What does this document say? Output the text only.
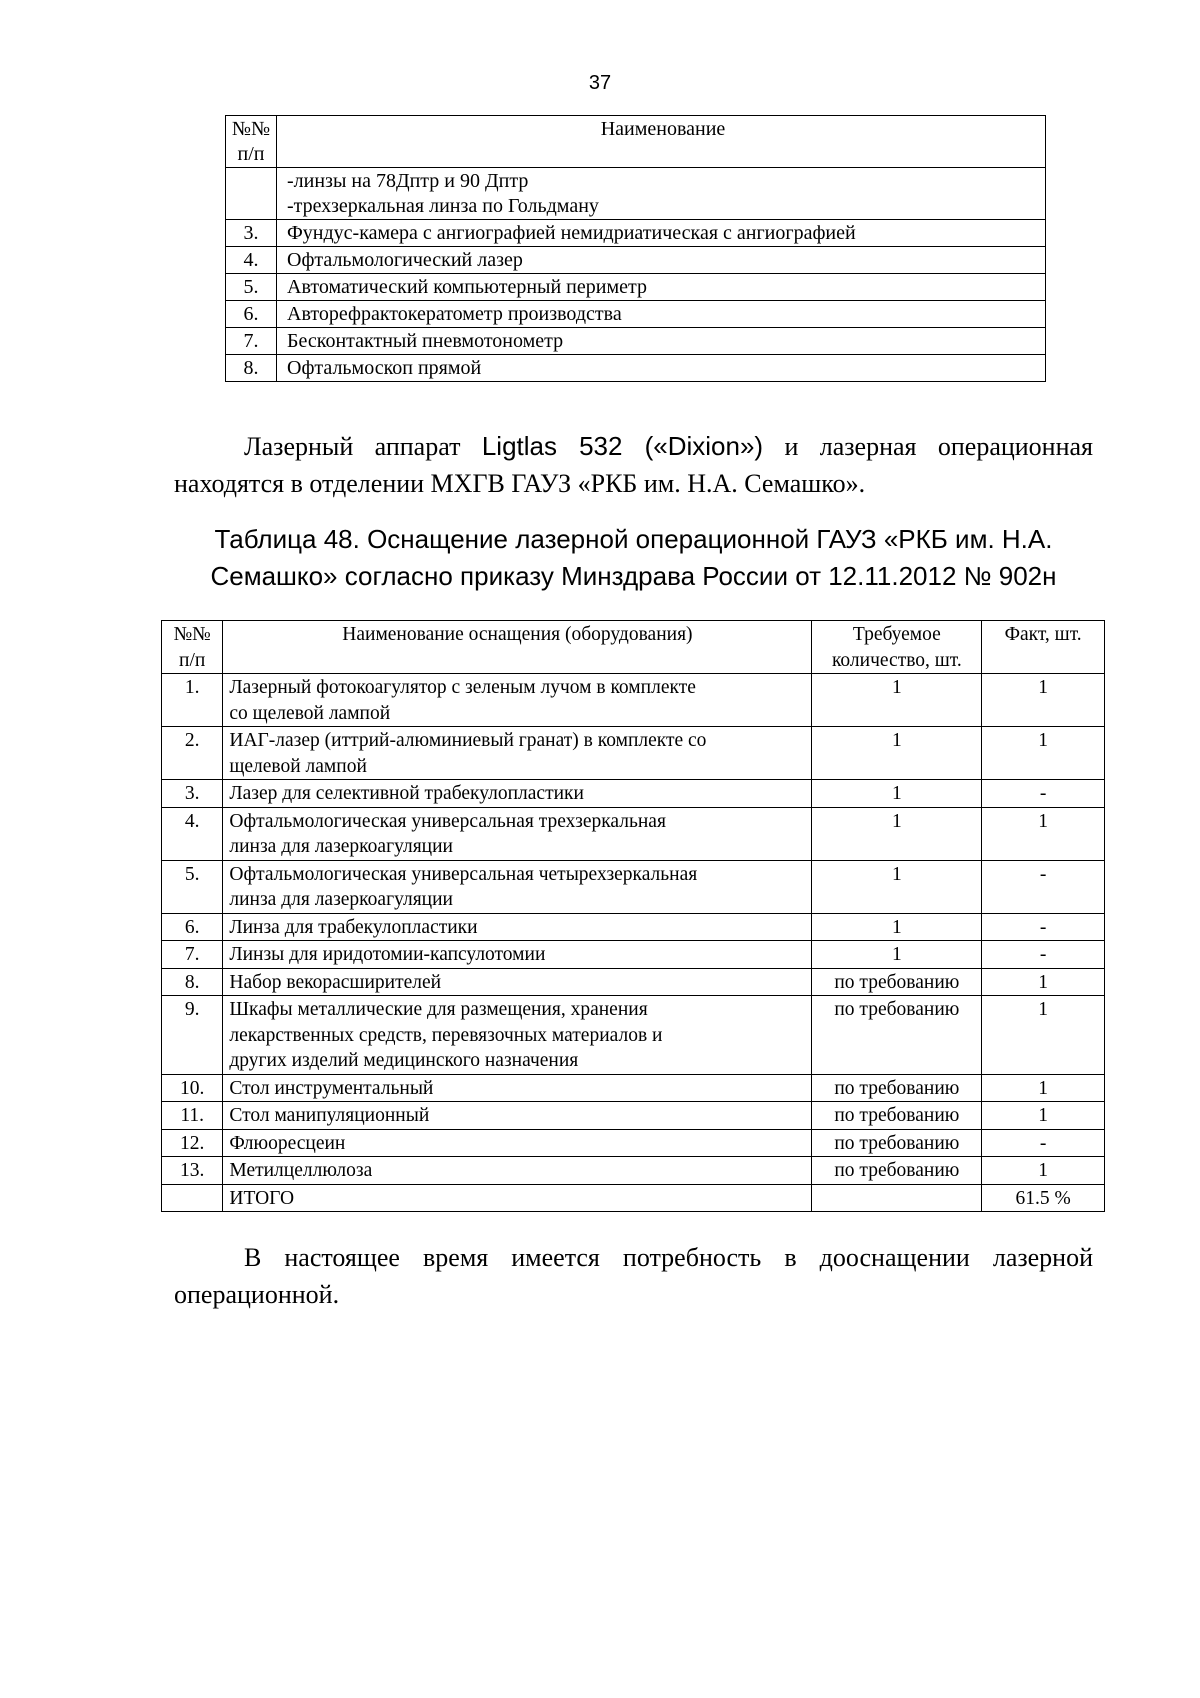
37
№№ п/п	Наименование

	-линзы на 78Дптр и 90 Дптр
-трехзеркальная линза по Гольдману

3.	Фундус-камера с ангиографией немидриатическая с ангиографией

4.	Офтальмологический лазер

5.	Автоматический компьютерный периметр

6.	Авторефрактокератометр производства

7.	Бесконтактный пневмотонометр

8.	Офтальмоскоп прямой
Лазерный аппарат Ligtlas 532 («Dixion») и лазерная операционная находятся в отделении МХГВ ГАУЗ «РКБ им. Н.А. Семашко».
Таблица 48. Оснащение лазерной операционной ГАУЗ «РКБ им. Н.А.
Семашко» согласно приказу Минздрава России от 12.11.2012 № 902н
№№ п/п	Наименование оснащения (оборудования)	Требуемое количество, шт.	Факт, шт.
1.	Лазерный фотокоагулятор с зеленым лучом в комплекте
со щелевой лампой	1	1
2.	ИАГ-лазер (иттрий-алюминиевый гранат) в комплекте со
щелевой лампой	1	1
3.	Лазер для селективной трабекулопластики	1	-
4.	Офтальмологическая универсальная трехзеркальная
линза для лазеркоагуляции	1	1
5.	Офтальмологическая универсальная четырехзеркальная
линза для лазеркоагуляции	1	-
6.	Линза для трабекулопластики	1	-
7.	Линзы для иридотомии-капсулотомии	1	-
8.	Набор векорасширителей	по требованию	1
9.	Шкафы металлические для размещения, хранения
лекарственных средств, перевязочных материалов и
других изделий медицинского назначения	по требованию	1
10.	Стол инструментальный	по требованию	1
11.	Стол манипуляционный	по требованию	1
12.	Флюоресцеин	по требованию	-
13.	Метилцеллюлоза	по требованию	1
	ИТОГО		61.5 %
В настоящее время имеется потребность в дооснащении лазерной операционной.
